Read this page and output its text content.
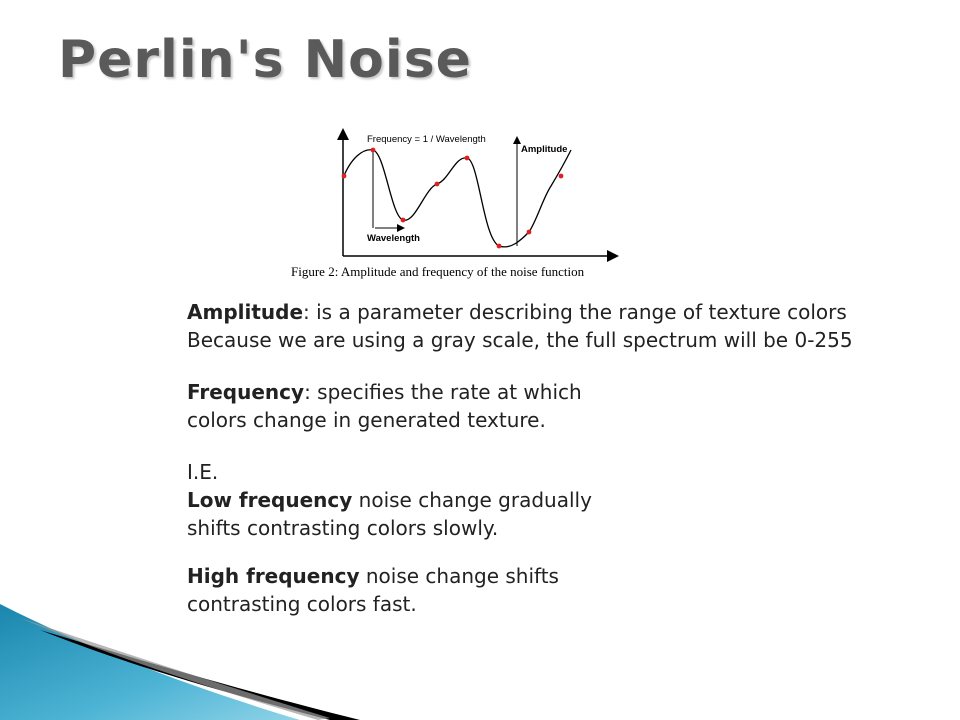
Perlin's Noise
Frequency = 1 / Wavelength
Amplitude
Wavelength

Figure 2: Amplitude and frequency of the noise function

Amplitude: is a parameter describing the range of texture colors

Because we are using a gray scale, the full spectrum will be 0-255

Frequency: specifies the rate at which

colors change in generated texture.

I.E.

Low frequency noise change gradually

shifts contrasting colors slowly.

High frequency noise change shifts

contrasting colors fast.
